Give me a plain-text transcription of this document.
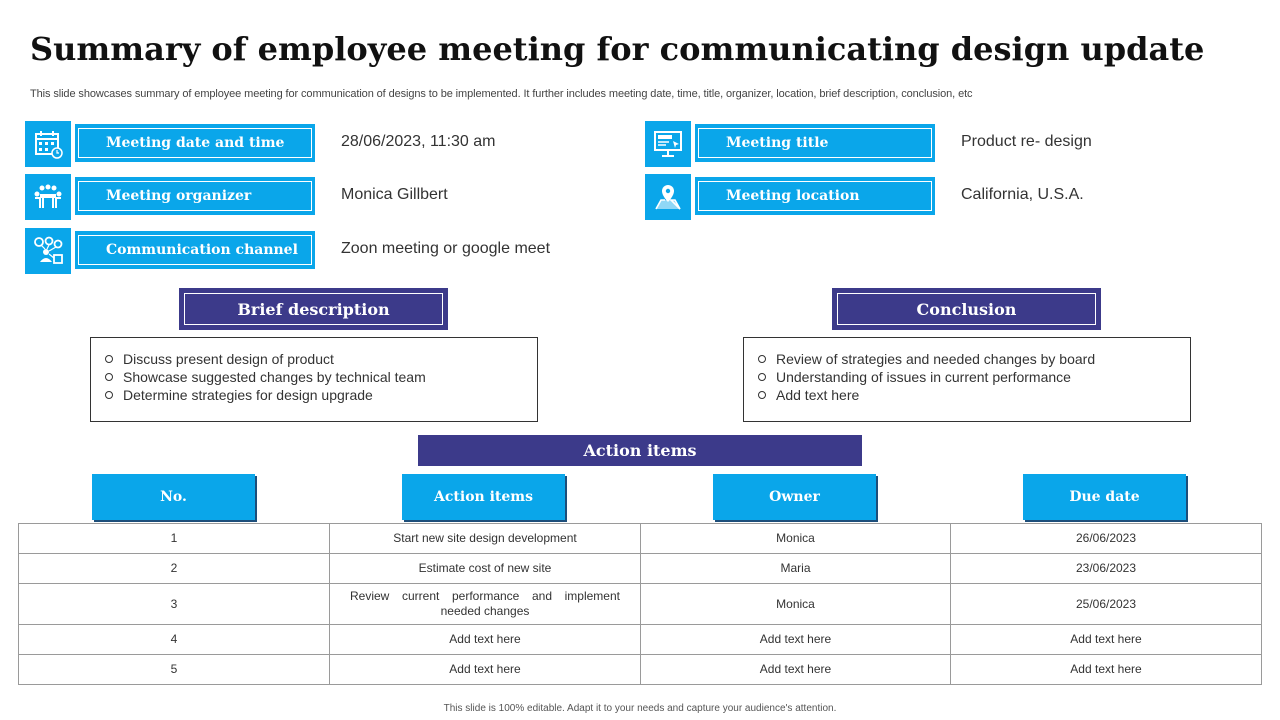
Summary of employee meeting for communicating design update
This slide showcases summary of employee meeting for communication of designs to be implemented. It further includes meeting date, time, title, organizer, location, brief description, conclusion, etc
Meeting date and time	28/06/2023, 11:30 am
Meeting organizer	Monica Gillbert
Communication channel	Zoon meeting or google meet
Meeting title	Product re- design
Meeting location	California, U.S.A.
Brief description
Discuss present design of product
Showcase suggested changes by technical team
Determine strategies for design upgrade
Conclusion
Review of strategies and needed changes by board
Understanding of issues in current performance
Add text here
Action items
No.	Action items	Owner	Due date
1	Start new site design development	Monica	26/06/2023
2	Estimate cost of new site	Maria	23/06/2023
3	Review current performance and implement needed changes	Monica	25/06/2023
4	Add text here	Add text here	Add text here
5	Add text here	Add text here	Add text here
This slide is 100% editable. Adapt it to your needs and capture your audience's attention.
